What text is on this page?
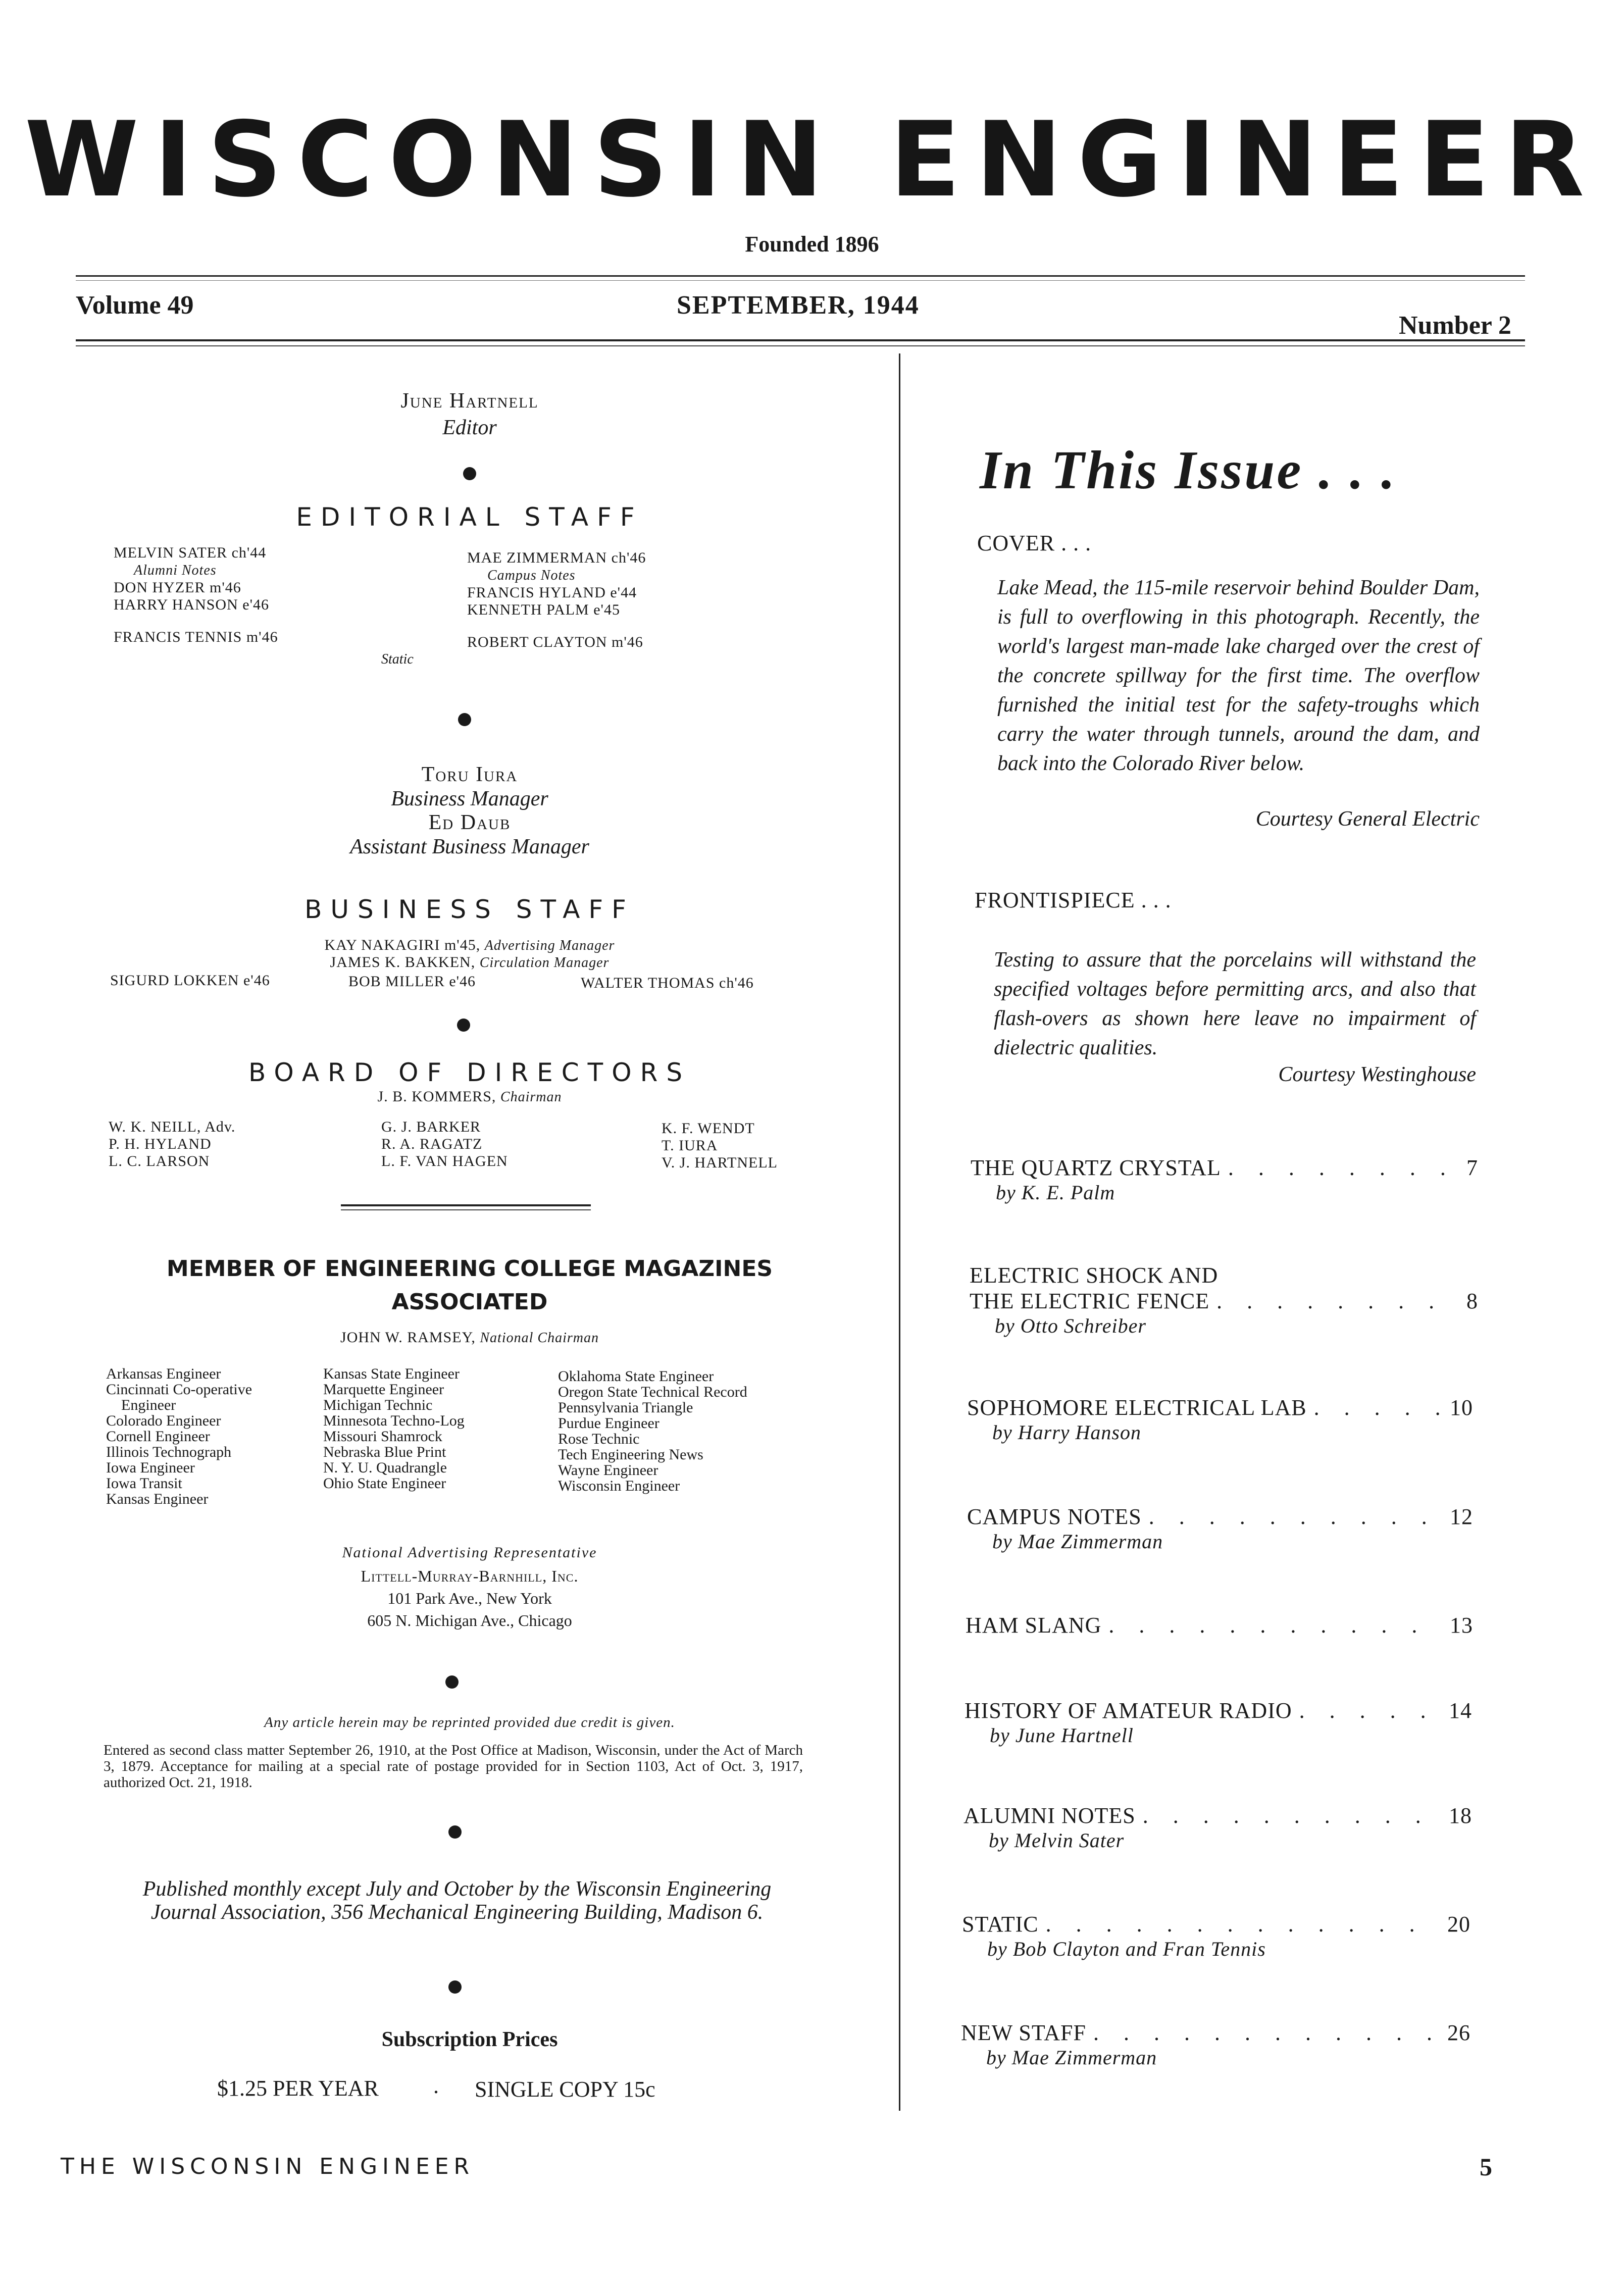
WISCONSIN ENGINEER
Founded 1896
Volume 49	SEPTEMBER, 1944
Number 2
June Hartnell
Editor
EDITORIAL STAFF
MELVIN SATER ch'44
Alumni Notes
DON HYZER m'46
HARRY HANSON e'46
FRANCIS TENNIS m'46
MAE ZIMMERMAN ch'46
Campus Notes
FRANCIS HYLAND e'44
KENNETH PALM e'45
ROBERT CLAYTON m'46
Static
Toru Iura
Business Manager
Ed Daub
Assistant Business Manager
BUSINESS STAFF
KAY NAKAGIRI m'45, Advertising Manager
JAMES K. BAKKEN, Circulation Manager
SIGURD LOKKEN e'46	BOB MILLER e'46	WALTER THOMAS ch'46
BOARD OF DIRECTORS
J. B. KOMMERS, Chairman
W. K. NEILL, Adv.
P. H. HYLAND
L. C. LARSON
G. J. BARKER
R. A. RAGATZ
L. F. VAN HAGEN
K. F. WENDT
T. IURA
V. J. HARTNELL
MEMBER OF ENGINEERING COLLEGE MAGAZINES
ASSOCIATED
JOHN W. RAMSEY, National Chairman
Arkansas Engineer
Cincinnati Co-operative
Engineer
Colorado Engineer
Cornell Engineer
Illinois Technograph
Iowa Engineer
Iowa Transit
Kansas Engineer
Kansas State Engineer
Marquette Engineer
Michigan Technic
Minnesota Techno-Log
Missouri Shamrock
Nebraska Blue Print
N. Y. U. Quadrangle
Ohio State Engineer
Oklahoma State Engineer
Oregon State Technical Record
Pennsylvania Triangle
Purdue Engineer
Rose Technic
Tech Engineering News
Wayne Engineer
Wisconsin Engineer
National Advertising Representative
Littell-Murray-Barnhill, Inc.
101 Park Ave., New York
605 N. Michigan Ave., Chicago
Any article herein may be reprinted provided due credit is given.
Entered as second class matter September 26, 1910, at the Post Office at Madison, Wisconsin, under the Act of March 3, 1879. Acceptance for mailing at a special rate of postage provided for in Section 1103, Act of Oct. 3, 1917, authorized Oct. 21, 1918.
Published monthly except July and October by the Wisconsin Engineering Journal Association, 356 Mechanical Engineering Building, Madison 6.
Subscription Prices
$1.25 PER YEAR . SINGLE COPY 15c
In This Issue . . .
COVER . . .
Lake Mead, the 115-mile reservoir behind Boulder Dam, is full to overflowing in this photograph. Recently, the world's largest man-made lake charged over the crest of the concrete spillway for the first time. The overflow furnished the initial test for the safety-troughs which carry the water through tunnels, around the dam, and back into the Colorado River below.
Courtesy General Electric
FRONTISPIECE . . .
Testing to assure that the porcelains will withstand the specified voltages before permitting arcs, and also that flash-overs as shown here leave no impairment of dielectric qualities.
Courtesy Westinghouse
THE QUARTZ CRYSTAL . . .	7
by K. E. Palm
ELECTRIC SHOCK AND
THE ELECTRIC FENCE . . .	8
by Otto Schreiber
SOPHOMORE ELECTRICAL LAB . . .	10
by Harry Hanson
CAMPUS NOTES . . .	12
by Mae Zimmerman
HAM SLANG . . .	13
HISTORY OF AMATEUR RADIO . . .	14
by June Hartnell
ALUMNI NOTES . . .	18
by Melvin Sater
STATIC . . .	20
by Bob Clayton and Fran Tennis
NEW STAFF . . .	26
by Mae Zimmerman
THE WISCONSIN ENGINEER	5
